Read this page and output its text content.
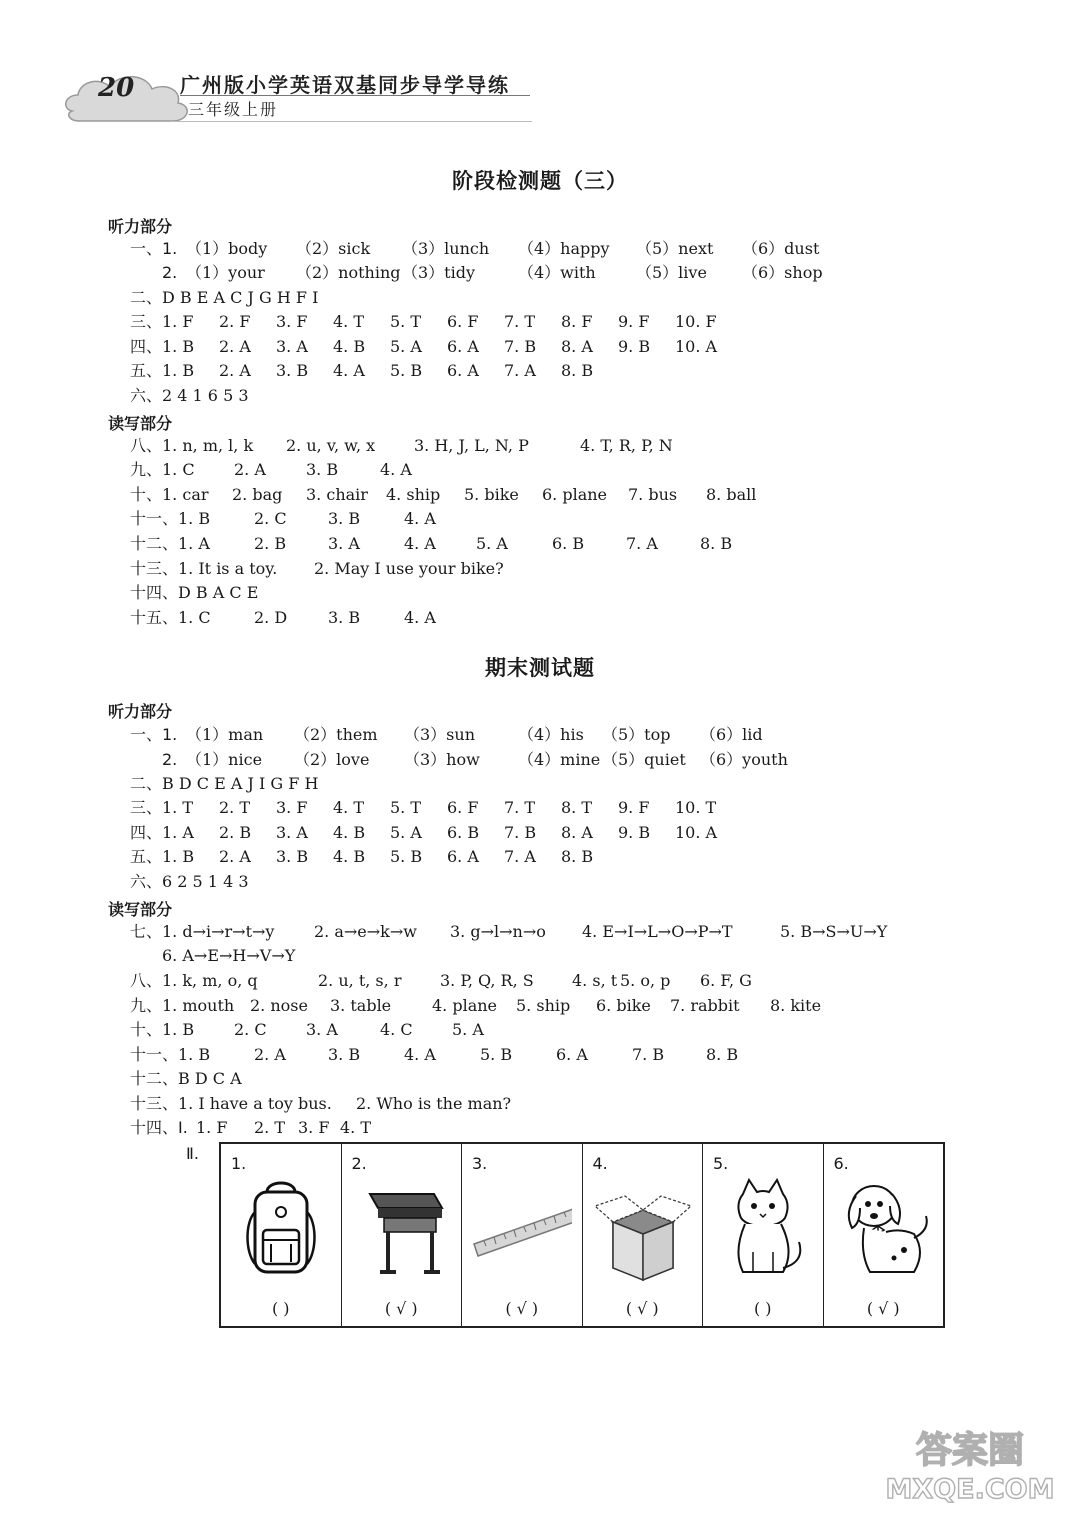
20 广州版小学英语双基同步导学导练
三年级上册
阶段检测题（三）
听力部分
读写部分
一、1. （1）body （2）sick （3）lunch （4）happy （5）next （6）dust
2. （1）your （2）nothing （3）tidy	（4）with	（5）live （6）shop
二、 D B E A C J G H F I
三、 1. F 2. F 3. F 4. T 5. T 6. F 7. T 8. F 9. F 10. F
四、 1. B 2. A 3. A 4. B 5. A 6. A 7. B 8. A 9. B 10. A
五、 1. B 2. A 3. B 4. A 5. B 6. A 7. A 8. B
六、 2 4 1 6 5 3
八、 1. n, m, l, k 2. u, v, w, x 3. H, J, L, N, P	4. T, R, P, N
九、 1. C 2. A	3. B	4. A
十、 1. car 2. bag 3. chair 4. ship 5. bike 6. plane 7. bus 8. ball
十一、 1. B	2. C	3. B	4. A
十二、 1. A	2. B	3. A	4. A	5. A	6. B	7. A	8. B
十三、 1. It is a toy. 2. May I use your bike?
十四、 D B A C E
十五、 1. C	2. D	3. B	4. A
期末测试题
听力部分
读写部分
一、1. （1）man （2）them （3）sun	（4）his （5）top （6）lid
2. （1）nice （2）love （3）how （4）mine （5）quiet （6）youth
二、 B D C E A J I G F H
三、 1. T 2. T 3. F 4. T 5. T 6. F 7. T 8. T 9. F 10. T
四、 1. A 2. B 3. A 4. B 5. A 6. B 7. B 8. A 9. B 10. A
五、 1. B 2. A 3. B 4. B 5. B 6. A 7. A 8. B
六、 6 2 5 1 4 3
七、 1. d→i→r→t→y 2. a→e→k→w 3. g→l→n→o 4. E→I→L→O→P→T	5. B→S→U→Y
6. A→E→H→V→Y
八、 1. k, m, o, q	2. u, t, s, r 3. P, Q, R, S 4. s, t 5. o, p 6. F, G
九、 1. mouth 2. nose 3. table	4. plane 5. ship 6. bike 7. rabbit 8. kite
十、 1. B 2. C 3. A	4. C 5. A
十一、 1. B	2. A	3. B	4. A	5. B	6. A	7. B	8. B
十二、 B D C A
十三、 1. I have a toy bus. 2. Who is the man?
十四、Ⅰ. 1. F 2. T 3. F 4. T
Ⅱ.
1.
( )
2.
( √ )
3.
( √ )
4.
( √ )
5.
( )
6.
( √ )
答案圈
MXQE.COM
